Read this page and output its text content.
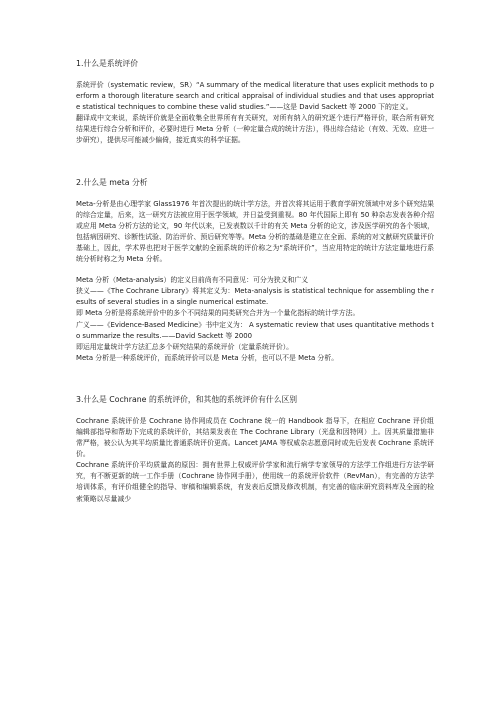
1.什么是系统评价

系统评价（systematic review，SR）“A summary of the medical literature that uses explicit methods to perform a thorough literature search and critical appraisal of individual studies and that uses appropriate statistical techniques to combine these valid studies.”——这是 David Sackett 等 2000 下的定义。

翻译成中文来说，系统评价就是全面收集全世界所有有关研究，对所有纳入的研究逐个进行严格评价，联合所有研究结果进行综合分析和评价，必要时进行 Meta 分析（一种定量合成的统计方法），得出综合结论（有效、无效、应进一步研究），提供尽可能减少偏倚，接近真实的科学证据。

2.什么是 meta 分析

Meta-分析是由心理学家 Glass1976 年首次提出的统计学方法，并首次将其运用于教育学研究领域中对多个研究结果的综合定量，后来，这一研究方法被应用于医学领域，并日益受到重视。80 年代国际上即有 50 种杂志发表各种介绍或应用 Meta 分析方法的论文，90 年代以来，已发表数以千计的有关 Meta 分析的论文，涉及医学研究的各个领域，包括病因研究、诊断性试验、防治评价、预后研究等等。Meta 分析的基础是建立在全面、系统的对文献研究质量评价基础上，因此，学术界也把对于医学文献的全面系统的评价称之为“系统评价”，当应用特定的统计方法定量地进行系统分析时称之为 Meta 分析。

Meta 分析（Meta-analysis）的定义目前尚有不同意见：可分为狭义和广义

狭义——《The Cochrane Library》将其定义为：Meta-analysis is statistical technique for assembling the results of several studies in a single numerical estimate.

即 Meta 分析是将系统评价中的多个不同结果的同类研究合并为一个量化指标的统计学方法。

广义——《Evidence-Based Medicine》书中定义为： A systematic review that uses quantitative methods to summarize the results.——David Sackett 等 2000

即运用定量统计学方法汇总多个研究结果的系统评价（定量系统评价）。

Meta 分析是一种系统评价，而系统评价可以是 Meta 分析，也可以不是 Meta 分析。

3.什么是 Cochrane 的系统评价，和其他的系统评价有什么区别

Cochrane 系统评价是 Cochrane 协作网成员在 Cochrane 统一的 Handbook 指导下，在相应 Cochrane 评价组编辑部指导和帮助下完成的系统评价，其结果发表在 The Cochrane Library（光盘和因特网）上。因其质量措施非常严格，被公认为其平均质量比普通系统评价更高。Lancet JAMA 等权威杂志愿意同时或先后发表 Cochrane 系统评价。

Cochrane 系统评价平均质量高的原因：拥有世界上权威评价学家和流行病学专家领导的方法学工作组进行方法学研究，有不断更新的统一工作手册（Cochrane 协作网手册），使用统一的系统评价软件（RevMan），有完善的方法学培训体系，有评价组健全的指导、审稿和编辑系统，有发表后反馈及修改机制，有完善的临床研究资料库及全面的检索策略以尽量减少
